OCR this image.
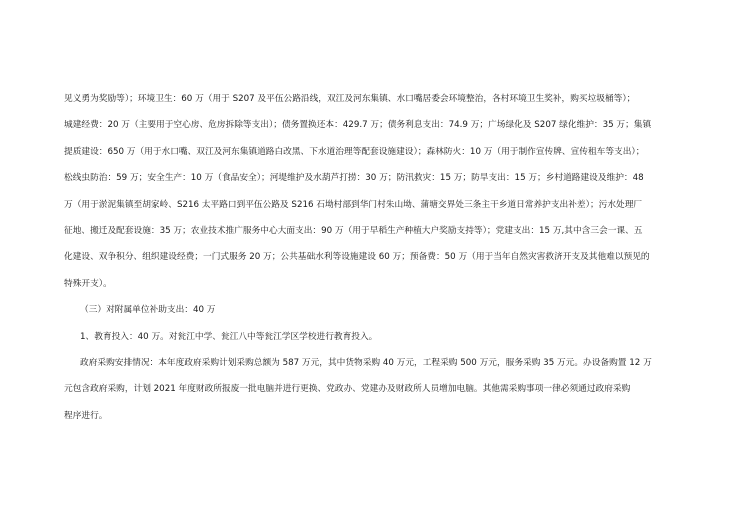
见义勇为奖励等）；环境卫生：60 万（用于 S207 及平伍公路沿线，双江及河东集镇、水口嘴居委会环境整治，各村环境卫生奖补，购买垃圾桶等）；
城建经费：20 万（主要用于空心房、危房拆除等支出）；债务置换还本：429.7 万；债务利息支出：74.9 万；广场绿化及 S207 绿化维护：35 万；集镇
提质建设：650 万（用于水口嘴、双江及河东集镇道路白改黑、下水道治理等配套设施建设）；森林防火：10 万（用于制作宣传牌、宣传租车等支出）；
松线虫防治：59 万；安全生产：10 万（食品安全）；河堤维护及水葫芦打捞：30 万；防汛救灾：15 万；防旱支出：15 万；乡村道路建设及维护：48
万（用于淤泥集镇至胡家岭、S216 太平路口到平伍公路及 S216 石坳村部到华门村朱山坳、蒲塘交界处三条主干乡道日常养护支出补差）；污水处理厂
征地、搬迁及配套设施：35 万；农业技术推广服务中心大面支出：90 万（用于早稻生产种植大户奖励支持等）；党建支出：15 万,其中含三会一课、五
化建设、双争积分、组织建设经费；一门式服务 20 万；公共基础水利等设施建设 60 万；预备费：50 万（用于当年自然灾害救济开支及其他难以预见的
特殊开支）。
（三）对附属单位补助支出：40 万
1、教育投入：40 万。对瓮江中学、瓮江八中等瓮江学区学校进行教育投入。
政府采购安排情况：本年度政府采购计划采购总额为 587 万元，其中货物采购 40 万元，工程采购 500 万元，服务采购 35 万元。办设备购置 12 万
元包含政府采购，计划 2021 年度财政所报废一批电脑并进行更换、党政办、党建办及财政所人员增加电脑。其他需采购事项一律必须通过政府采购
程序进行。
